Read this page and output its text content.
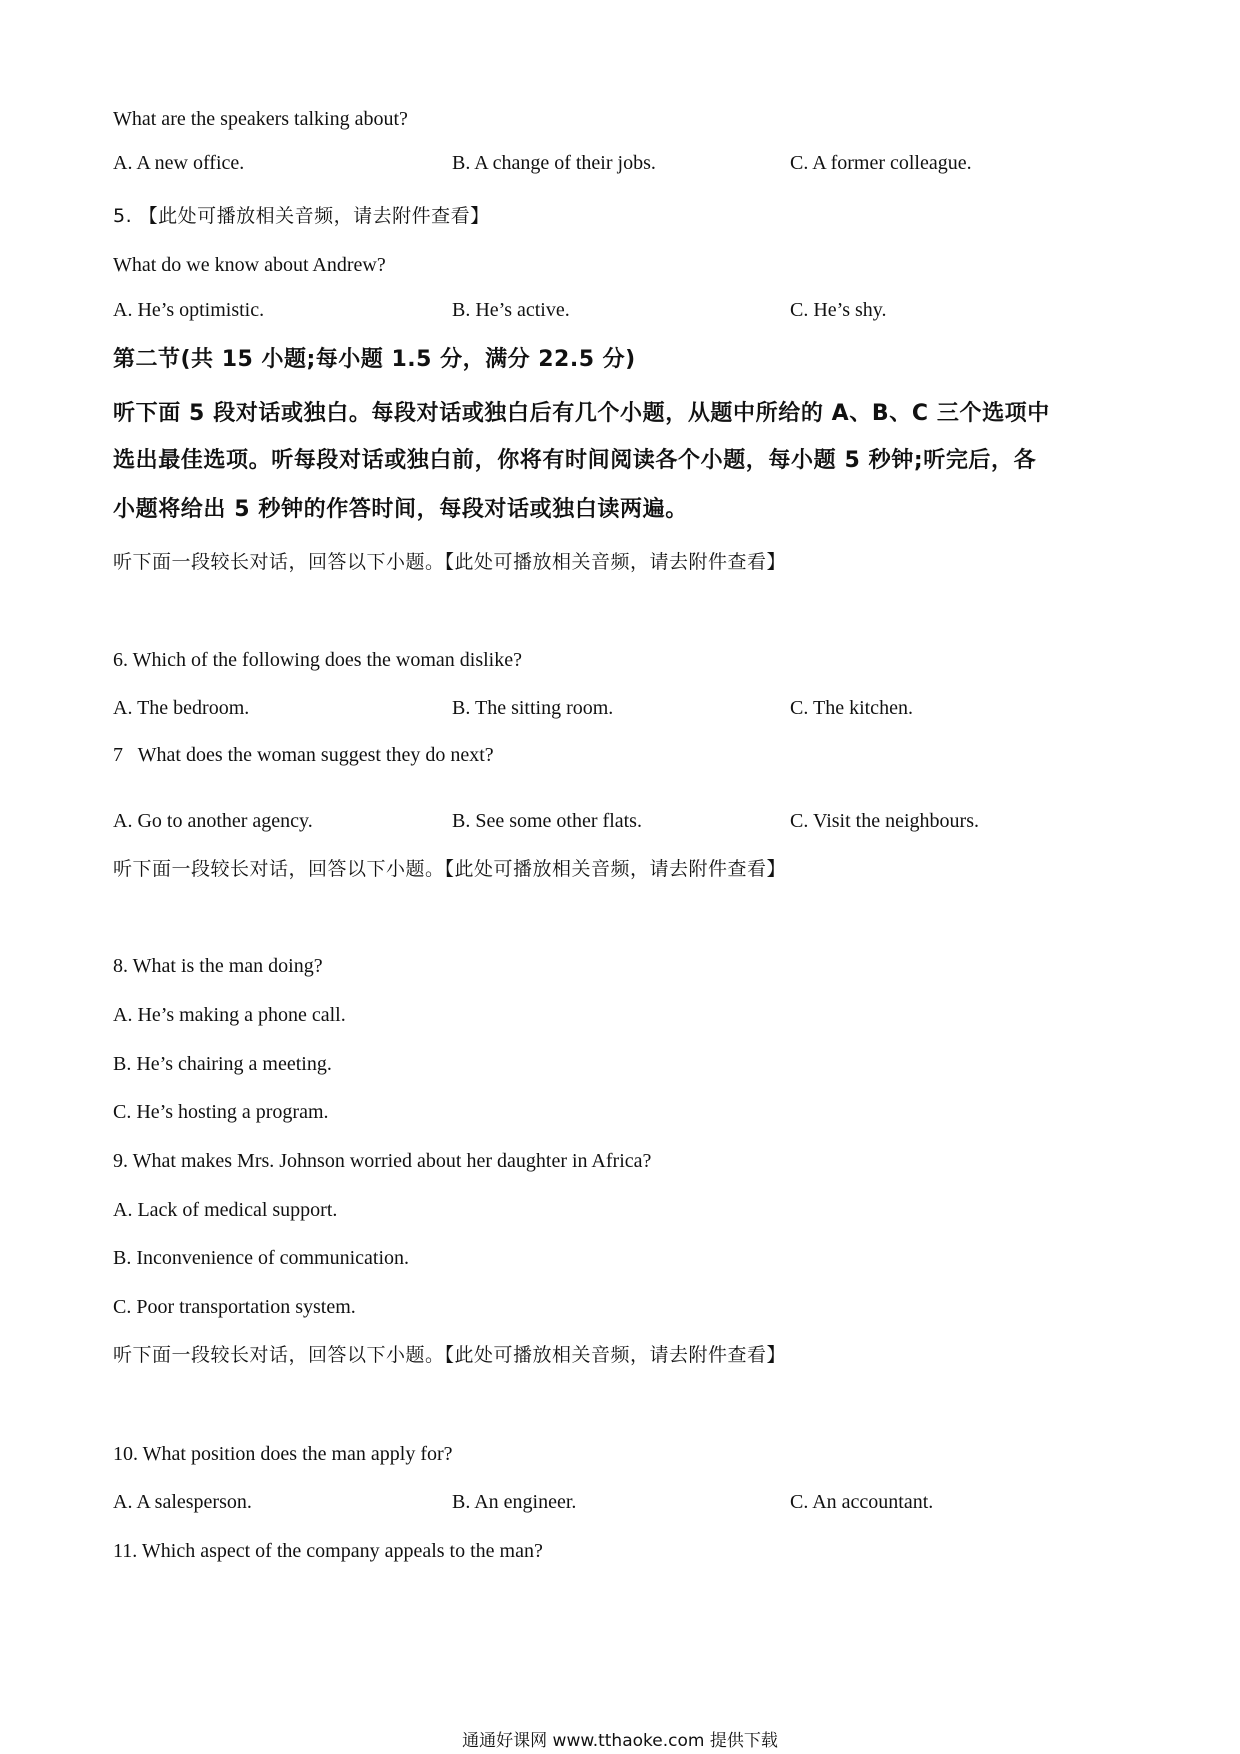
What are the speakers talking about?
A. A new office.	B. A change of their jobs.	C. A former colleague.
5. 【此处可播放相关音频，请去附件查看】
What do we know about Andrew?
A. He’s optimistic.	B. He’s active.	C. He’s shy.
第二节(共 15 小题;每小题 1.5 分，满分 22.5 分)
听下面 5 段对话或独白。每段对话或独白后有几个小题，从题中所给的 A、B、C 三个选项中
选出最佳选项。听每段对话或独白前，你将有时间阅读各个小题，每小题 5 秒钟;听完后，各
小题将给出 5 秒钟的作答时间，每段对话或独白读两遍。
听下面一段较长对话，回答以下小题。【此处可播放相关音频，请去附件查看】
6. Which of the following does the woman dislike?
A. The bedroom.	B. The sitting room.	C. The kitchen.
7   What does the woman suggest they do next?
A. Go to another agency.	B. See some other flats.	C. Visit the neighbours.
听下面一段较长对话，回答以下小题。【此处可播放相关音频，请去附件查看】
8. What is the man doing?
A. He’s making a phone call.
B. He’s chairing a meeting.
C. He’s hosting a program.
9. What makes Mrs. Johnson worried about her daughter in Africa?
A. Lack of medical support.
B. Inconvenience of communication.
C. Poor transportation system.
听下面一段较长对话，回答以下小题。【此处可播放相关音频，请去附件查看】
10. What position does the man apply for?
A. A salesperson.	B. An engineer.	C. An accountant.
11. Which aspect of the company appeals to the man?
通通好课网 www.tthaoke.com 提供下载
